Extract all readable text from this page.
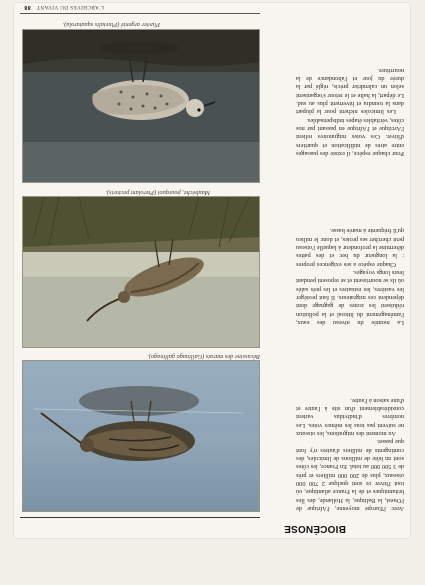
BIOCÉNOSE

Avec l'Europe moyenne, l'Afrique de l'Ouest, la Baltique, la Hollande, des îles britanniques et de la France atlantique, où tout l'hiver ce sont quelque 2 700 000 oiseaux, plus de 200 000 milliers et près de 3 500 000 au total. En France, les côtes sont un hôte de millions de limicoles, des contingents de milliers d'autres n'y font que passer.

Au moment des migrations, les oiseaux ne suivent pas tous les mêmes voies. Les nombres d'individus varient considérablement d'un site à l'autre et d'une saison à l'autre.

La montée du niveau des eaux, l'aménagement du littoral et la pollution réduisent les zones de gagnage dont dépendent ces migrateurs. Il faut protéger les vasières, les estuaires et les prés salés où ils se nourrissent et se reposent pendant leurs longs voyages.

Chaque espèce a ses exigences propres : la longueur du bec et des pattes détermine la profondeur à laquelle l'oiseau peut chercher ses proies, et donc le milieu qu'il fréquente à marée basse.

Pour chaque espèce, il existe des passages entre aires de nidification et quartiers d'hiver. Ces voies migratoires relient l'Arctique et l'Afrique en passant par nos côtes, véritables étapes indispensables.

Les limicoles nichent pour la plupart dans la toundra et hivernent plus au sud. Le départ, la halte et le retour s'organisent selon un calendrier précis, réglé par la durée du jour et l'abondance de la nourriture.

Bécassine des marais (Gallinago gallinago).
Maubèche, pourquoi (Pterolam pectoris).
Pluvier argenté (Pluvialis squatarola).
L'ARCHIVES DU VIVANT88
